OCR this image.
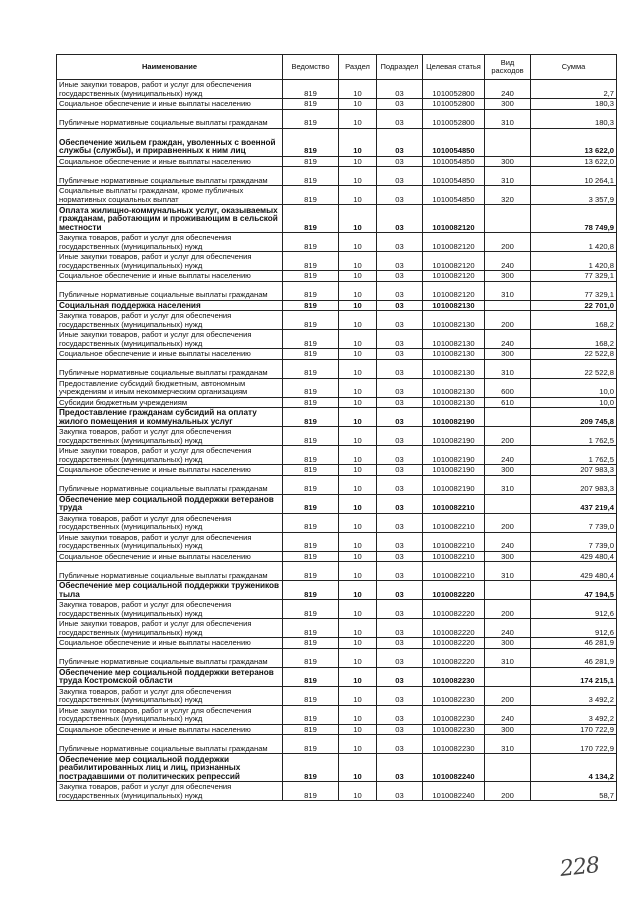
Наименование	Ведомство	Раздел	Подраздел	Целевая статья	Вид расходов	Сумма
Иные закупки товаров, работ и услуг для обеспечения государственных (муниципальных) нужд	819	10	03	1010052800	240	2,7
Социальное обеспечение и иные выплаты населению	819	10	03	1010052800	300	180,3
Публичные нормативные социальные выплаты гражданам	819	10	03	1010052800	310	180,3
Обеспечение жильем граждан, уволенных с военной службы (службы), и приравненных к ним лиц	819	10	03	1010054850		13 622,0
Социальное обеспечение и иные выплаты населению	819	10	03	1010054850	300	13 622,0
Публичные нормативные социальные выплаты гражданам	819	10	03	1010054850	310	10 264,1
Социальные выплаты гражданам, кроме публичных нормативных социальных выплат	819	10	03	1010054850	320	3 357,9
Оплата жилищно-коммунальных услуг, оказываемых гражданам, работающим и проживающим в сельской местности	819	10	03	1010082120		78 749,9
Закупка товаров, работ и услуг для обеспечения государственных (муниципальных) нужд	819	10	03	1010082120	200	1 420,8
Иные закупки товаров, работ и услуг для обеспечения государственных (муниципальных) нужд	819	10	03	1010082120	240	1 420,8
Социальное обеспечение и иные выплаты населению	819	10	03	1010082120	300	77 329,1
Публичные нормативные социальные выплаты гражданам	819	10	03	1010082120	310	77 329,1
Социальная поддержка населения	819	10	03	1010082130		22 701,0
Закупка товаров, работ и услуг для обеспечения государственных (муниципальных) нужд	819	10	03	1010082130	200	168,2
Иные закупки товаров, работ и услуг для обеспечения государственных (муниципальных) нужд	819	10	03	1010082130	240	168,2
Социальное обеспечение и иные выплаты населению	819	10	03	1010082130	300	22 522,8
Публичные нормативные социальные выплаты гражданам	819	10	03	1010082130	310	22 522,8
Предоставление субсидий бюджетным, автономным учреждениям и иным некоммерческим организациям	819	10	03	1010082130	600	10,0
Субсидии бюджетным учреждениям	819	10	03	1010082130	610	10,0
Предоставление гражданам субсидий на оплату жилого помещения и коммунальных услуг	819	10	03	1010082190		209 745,8
Закупка товаров, работ и услуг для обеспечения государственных (муниципальных) нужд	819	10	03	1010082190	200	1 762,5
Иные закупки товаров, работ и услуг для обеспечения государственных (муниципальных) нужд	819	10	03	1010082190	240	1 762,5
Социальное обеспечение и иные выплаты населению	819	10	03	1010082190	300	207 983,3
Публичные нормативные социальные выплаты гражданам	819	10	03	1010082190	310	207 983,3
Обеспечение мер социальной поддержки ветеранов труда	819	10	03	1010082210		437 219,4
Закупка товаров, работ и услуг для обеспечения государственных (муниципальных) нужд	819	10	03	1010082210	200	7 739,0
Иные закупки товаров, работ и услуг для обеспечения государственных (муниципальных) нужд	819	10	03	1010082210	240	7 739,0
Социальное обеспечение и иные выплаты населению	819	10	03	1010082210	300	429 480,4
Публичные нормативные социальные выплаты гражданам	819	10	03	1010082210	310	429 480,4
Обеспечение мер социальной поддержки тружеников тыла	819	10	03	1010082220		47 194,5
Закупка товаров, работ и услуг для обеспечения государственных (муниципальных) нужд	819	10	03	1010082220	200	912,6
Иные закупки товаров, работ и услуг для обеспечения государственных (муниципальных) нужд	819	10	03	1010082220	240	912,6
Социальное обеспечение и иные выплаты населению	819	10	03	1010082220	300	46 281,9
Публичные нормативные социальные выплаты гражданам	819	10	03	1010082220	310	46 281,9
Обеспечение мер социальной поддержки ветеранов труда Костромской области	819	10	03	1010082230		174 215,1
Закупка товаров, работ и услуг для обеспечения государственных (муниципальных) нужд	819	10	03	1010082230	200	3 492,2
Иные закупки товаров, работ и услуг для обеспечения государственных (муниципальных) нужд	819	10	03	1010082230	240	3 492,2
Социальное обеспечение и иные выплаты населению	819	10	03	1010082230	300	170 722,9
Публичные нормативные социальные выплаты гражданам	819	10	03	1010082230	310	170 722,9
Обеспечение мер социальной поддержки реабилитированных лиц и лиц, признанных пострадавшими от политических репрессий	819	10	03	1010082240		4 134,2
Закупка товаров, работ и услуг для обеспечения государственных (муниципальных) нужд	819	10	03	1010082240	200	58,7
228
